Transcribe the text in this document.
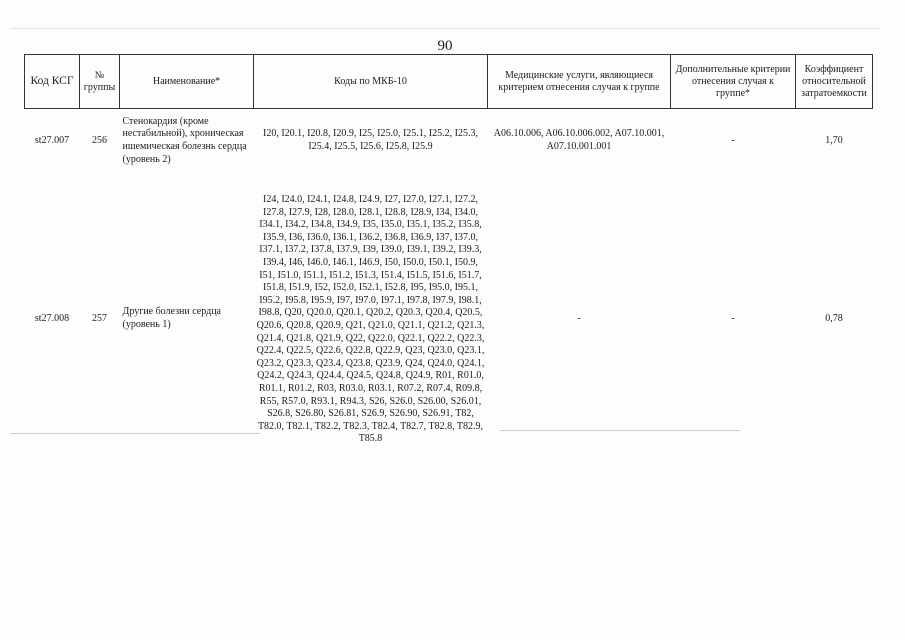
90
Код КСГ	№ группы	Наименование*	Коды по МКБ-10	Медицинские услуги, являющиеся критерием отнесения случая к группе	Дополнительные критерии отнесения случая к группе*	Коэффициент относительной затратоемкости
st27.007	256	Стенокардия (кроме нестабильной), хроническая ишемическая болезнь сердца (уровень 2)	I20, I20.1, I20.8, I20.9, I25, I25.0, I25.1, I25.2, I25.3, I25.4, I25.5, I25.6, I25.8, I25.9	A06.10.006, A06.10.006.002, A07.10.001, A07.10.001.001	-	1,70
st27.008	257	Другие болезни сердца (уровень 1)	I24, I24.0, I24.1, I24.8, I24.9, I27, I27.0, I27.1, I27.2, I27.8, I27.9, I28, I28.0, I28.1, I28.8, I28.9, I34, I34.0, I34.1, I34.2, I34.8, I34.9, I35, I35.0, I35.1, I35.2, I35.8, I35.9, I36, I36.0, I36.1, I36.2, I36.8, I36.9, I37, I37.0, I37.1, I37.2, I37.8, I37.9, I39, I39.0, I39.1, I39.2, I39.3, I39.4, I46, I46.0, I46.1, I46.9, I50, I50.0, I50.1, I50.9, I51, I51.0, I51.1, I51.2, I51.3, I51.4, I51.5, I51.6, I51.7, I51.8, I51.9, I52, I52.0, I52.1, I52.8, I95, I95.0, I95.1, I95.2, I95.8, I95.9, I97, I97.0, I97.1, I97.8, I97.9, I98.1, I98.8, Q20, Q20.0, Q20.1, Q20.2, Q20.3, Q20.4, Q20.5, Q20.6, Q20.8, Q20.9, Q21, Q21.0, Q21.1, Q21.2, Q21.3, Q21.4, Q21.8, Q21.9, Q22, Q22.0, Q22.1, Q22.2, Q22.3, Q22.4, Q22.5, Q22.6, Q22.8, Q22.9, Q23, Q23.0, Q23.1, Q23.2, Q23.3, Q23.4, Q23.8, Q23.9, Q24, Q24.0, Q24.1, Q24.2, Q24.3, Q24.4, Q24.5, Q24.8, Q24.9, R01, R01.0, R01.1, R01.2, R03, R03.0, R03.1, R07.2, R07.4, R09.8, R55, R57.0, R93.1, R94.3, S26, S26.0, S26.00, S26.01, S26.8, S26.80, S26.81, S26.9, S26.90, S26.91, T82, T82.0, T82.1, T82.2, T82.3, T82.4, T82.7, T82.8, T82.9, T85.8	-	-	0,78
